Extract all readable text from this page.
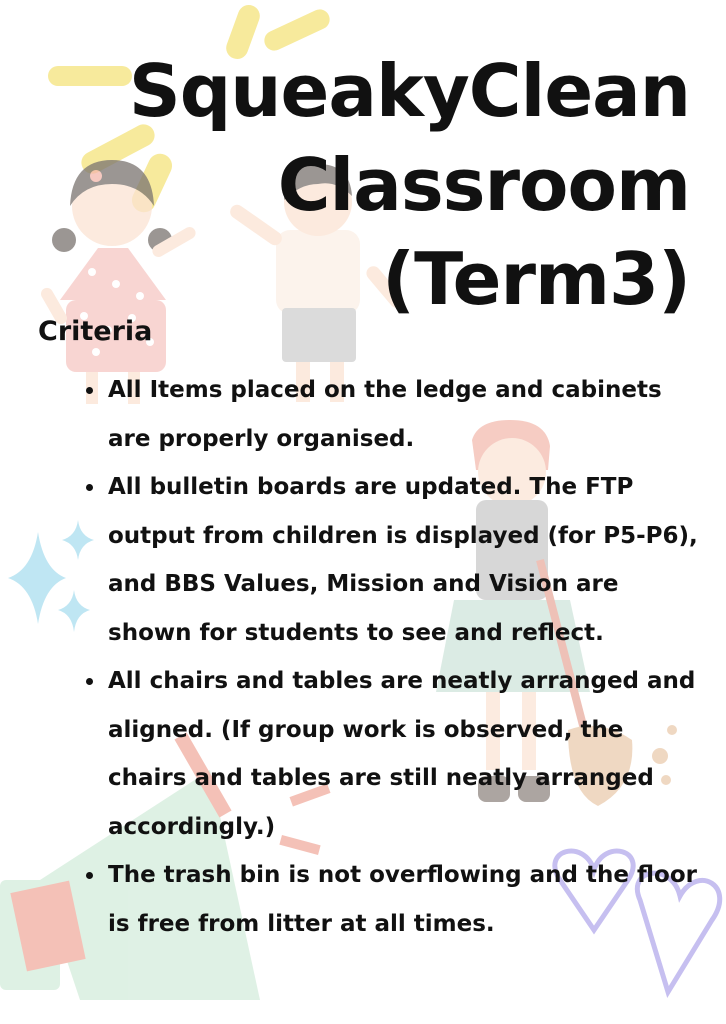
SqueakyClean
Classroom
(Term3)
Criteria
• All Items placed on the ledge and cabinets are properly organised.
• All bulletin boards are updated. The FTP output from children is displayed (for P5-P6), and BBS Values, Mission and Vision are shown for students to see and reflect.
• All chairs and tables are neatly arranged and aligned. (If group work is observed, the chairs and tables are still neatly arranged accordingly.)
• The trash bin is not overflowing and the floor is free from litter at all times.
